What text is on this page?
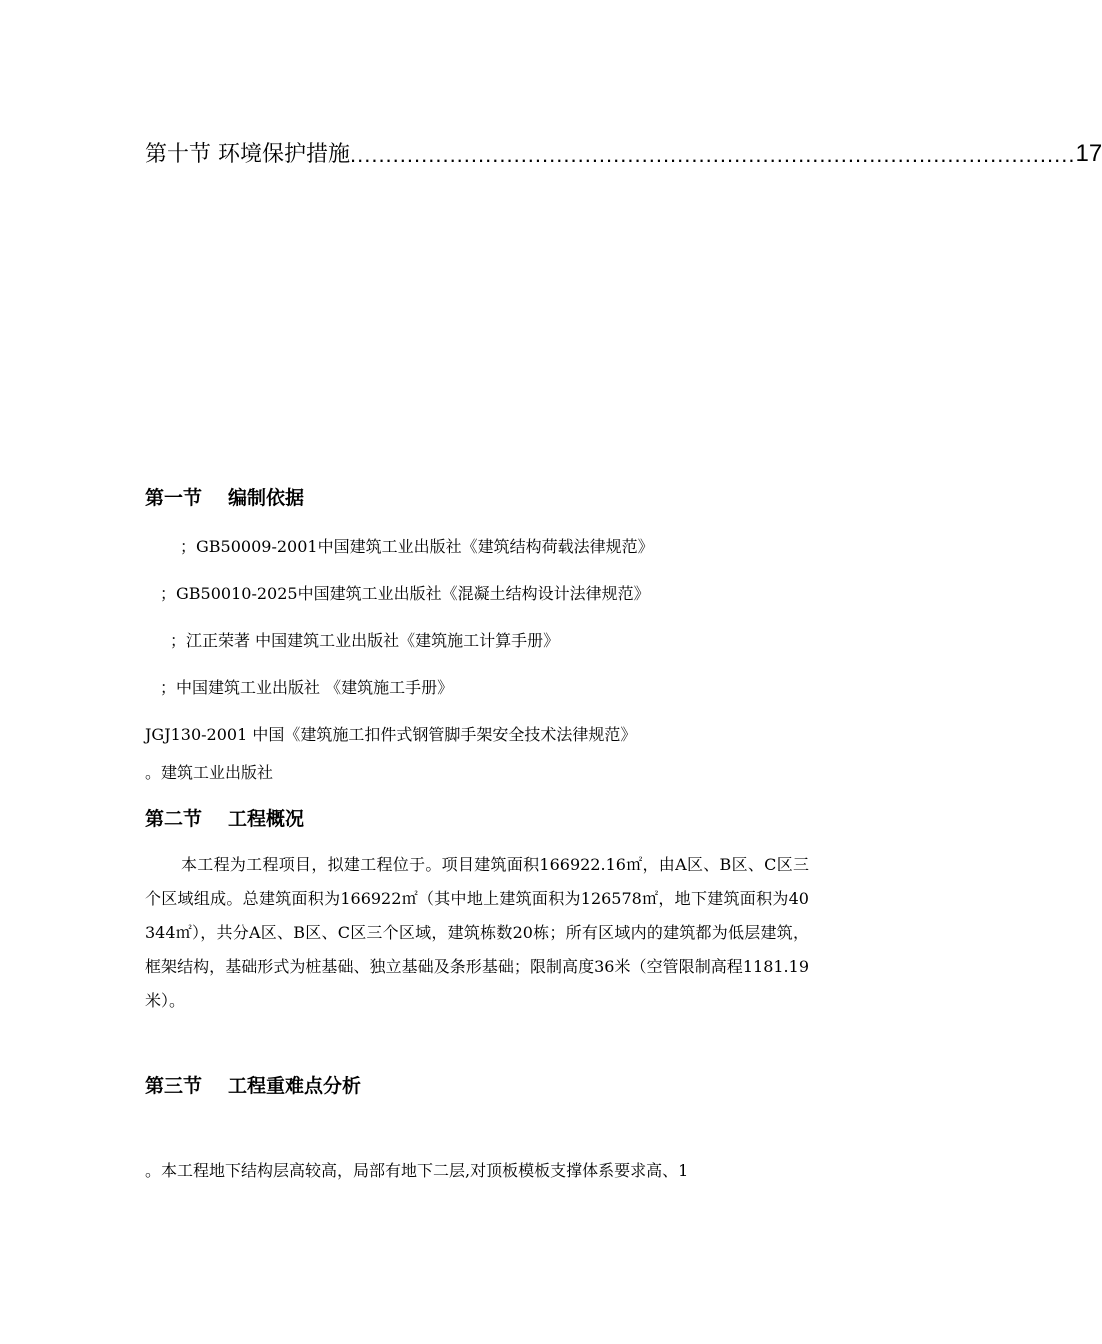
第十节 环境保护措施 ...................................................................................................... 17
第一节 编制依据
；GB50009-2001中国建筑工业出版社《建筑结构荷载法律规范》
；GB50010-2025中国建筑工业出版社《混凝土结构设计法律规范》
；江正荣著 中国建筑工业出版社《建筑施工计算手册》
；中国建筑工业出版社 《建筑施工手册》
JGJ130-2001 中国《建筑施工扣件式钢管脚手架安全技术法律规范》
。建筑工业出版社
第二节 工程概况
本工程为工程项目，拟建工程位于。项目建筑面积166922.16㎡，由A区、B区、C区三个区域组成。总建筑面积为166922㎡（其中地上建筑面积为126578㎡，地下建筑面积为40344㎡），共分A区、B区、C区三个区域，建筑栋数20栋；所有区域内的建筑都为低层建筑，框架结构，基础形式为桩基础、独立基础及条形基础；限制高度36米（空管限制高程1181.19米）。
第三节 工程重难点分析
。本工程地下结构层高较高，局部有地下二层,对顶板模板支撑体系要求高、1
